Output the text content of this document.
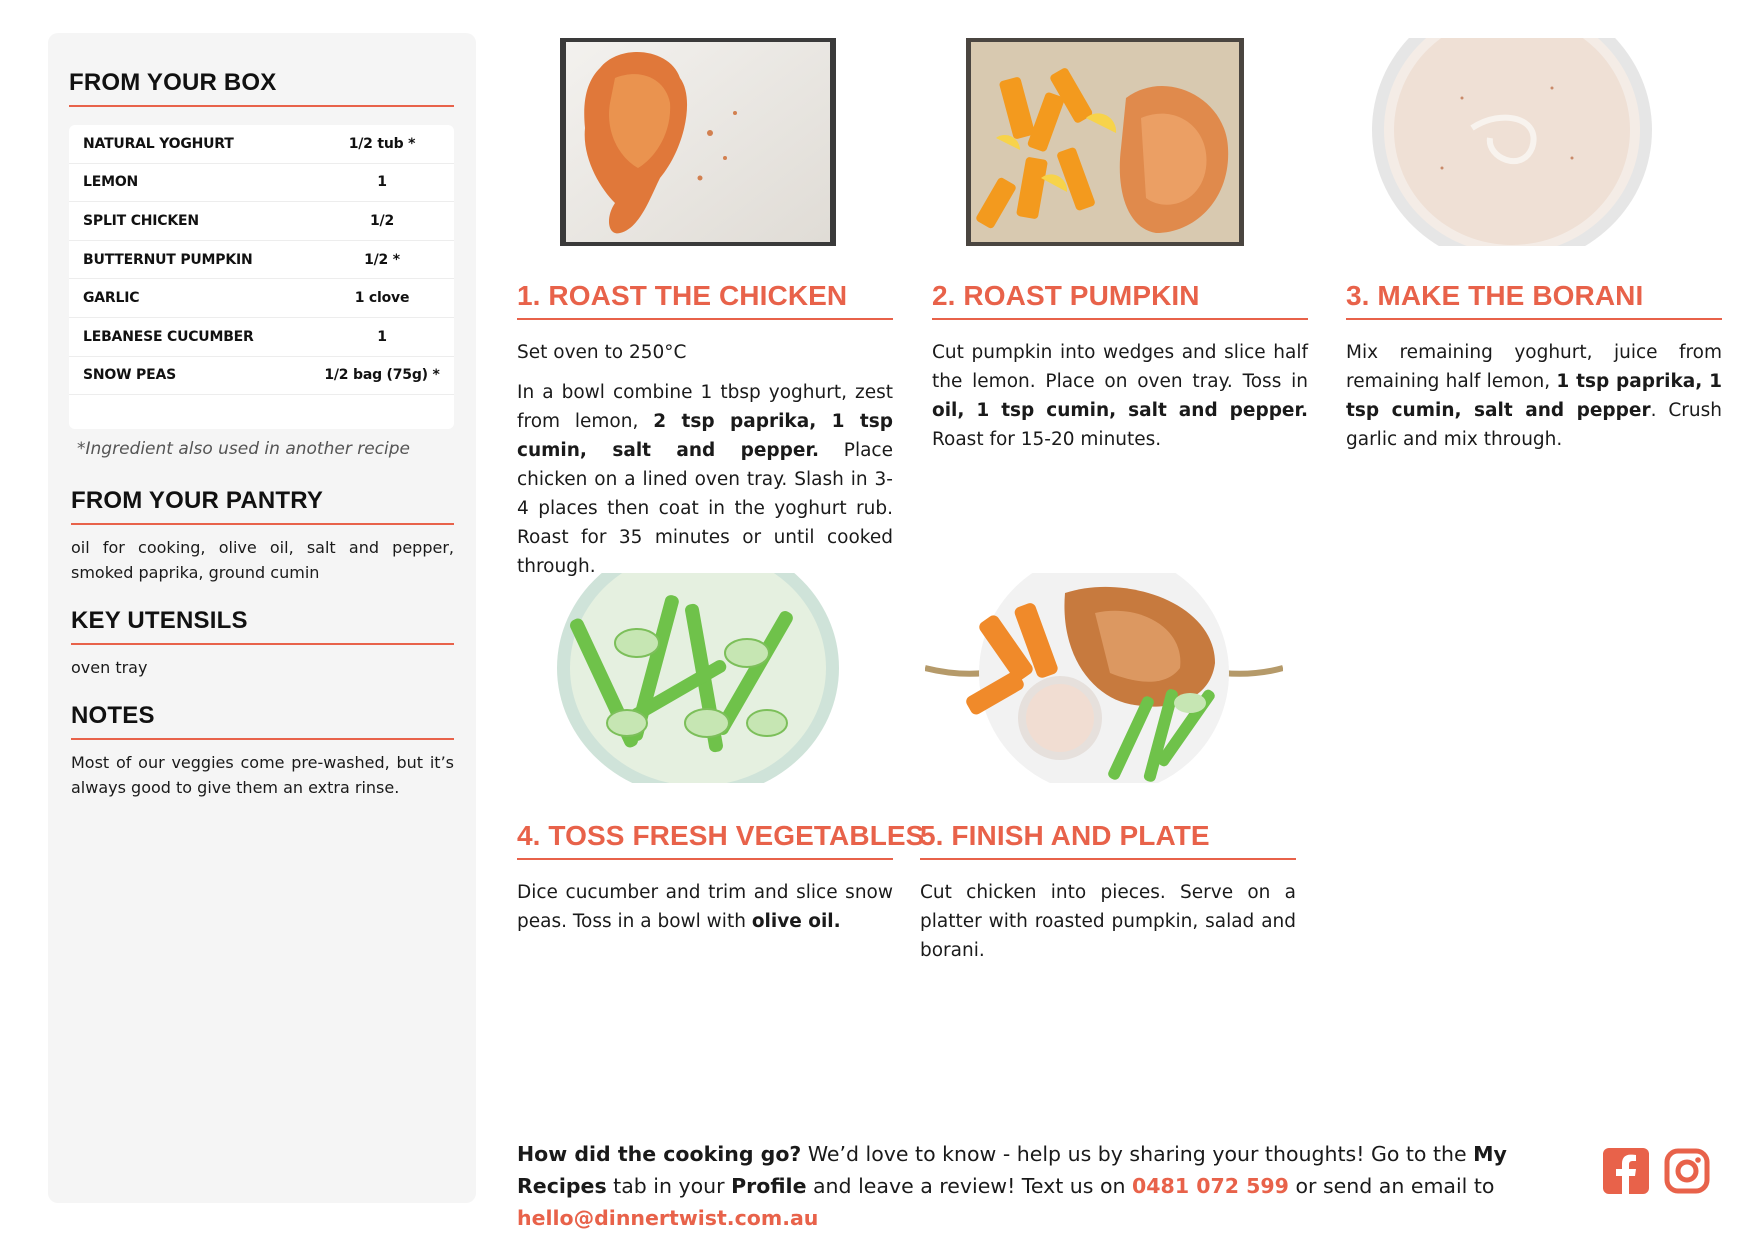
FROM YOUR BOX
NATURAL YOGHURT	1/2 tub *
LEMON	1
SPLIT CHICKEN	1/2
BUTTERNUT PUMPKIN	1/2 *
GARLIC	1 clove
LEBANESE CUCUMBER	1
SNOW PEAS	1/2 bag (75g) *

*Ingredient also used in another recipe

FROM YOUR PANTRY

oil for cooking, olive oil, salt and pepper, smoked paprika, ground cumin

KEY UTENSILS

oven tray

NOTES

Most of our veggies come pre-washed, but it’s always good to give them an extra rinse.

1. ROAST THE CHICKEN

Set oven to 250°C

In a bowl combine 1 tbsp yoghurt, zest from lemon, 2 tsp paprika, 1 tsp cumin, salt and pepper. Place chicken on a lined oven tray. Slash in 3-4 places then coat in the yoghurt rub. Roast for 35 minutes or until cooked through.

2. ROAST PUMPKIN

Cut pumpkin into wedges and slice half the lemon. Place on oven tray. Toss in oil, 1 tsp cumin, salt and pepper. Roast for 15-20 minutes.

3. MAKE THE BORANI

Mix remaining yoghurt, juice from remaining half lemon, 1 tsp paprika, 1 tsp cumin, salt and pepper. Crush garlic and mix through.

4. TOSS FRESH VEGETABLES

Dice cucumber and trim and slice snow peas. Toss in a bowl with olive oil.

5. FINISH AND PLATE

Cut chicken into pieces. Serve on a platter with roasted pumpkin, salad and borani.

How did the cooking go? We’d love to know - help us by sharing your thoughts! Go to the My Recipes tab in your Profile and leave a review! Text us on 0481 072 599 or send an email to hello@dinnertwist.com.au
